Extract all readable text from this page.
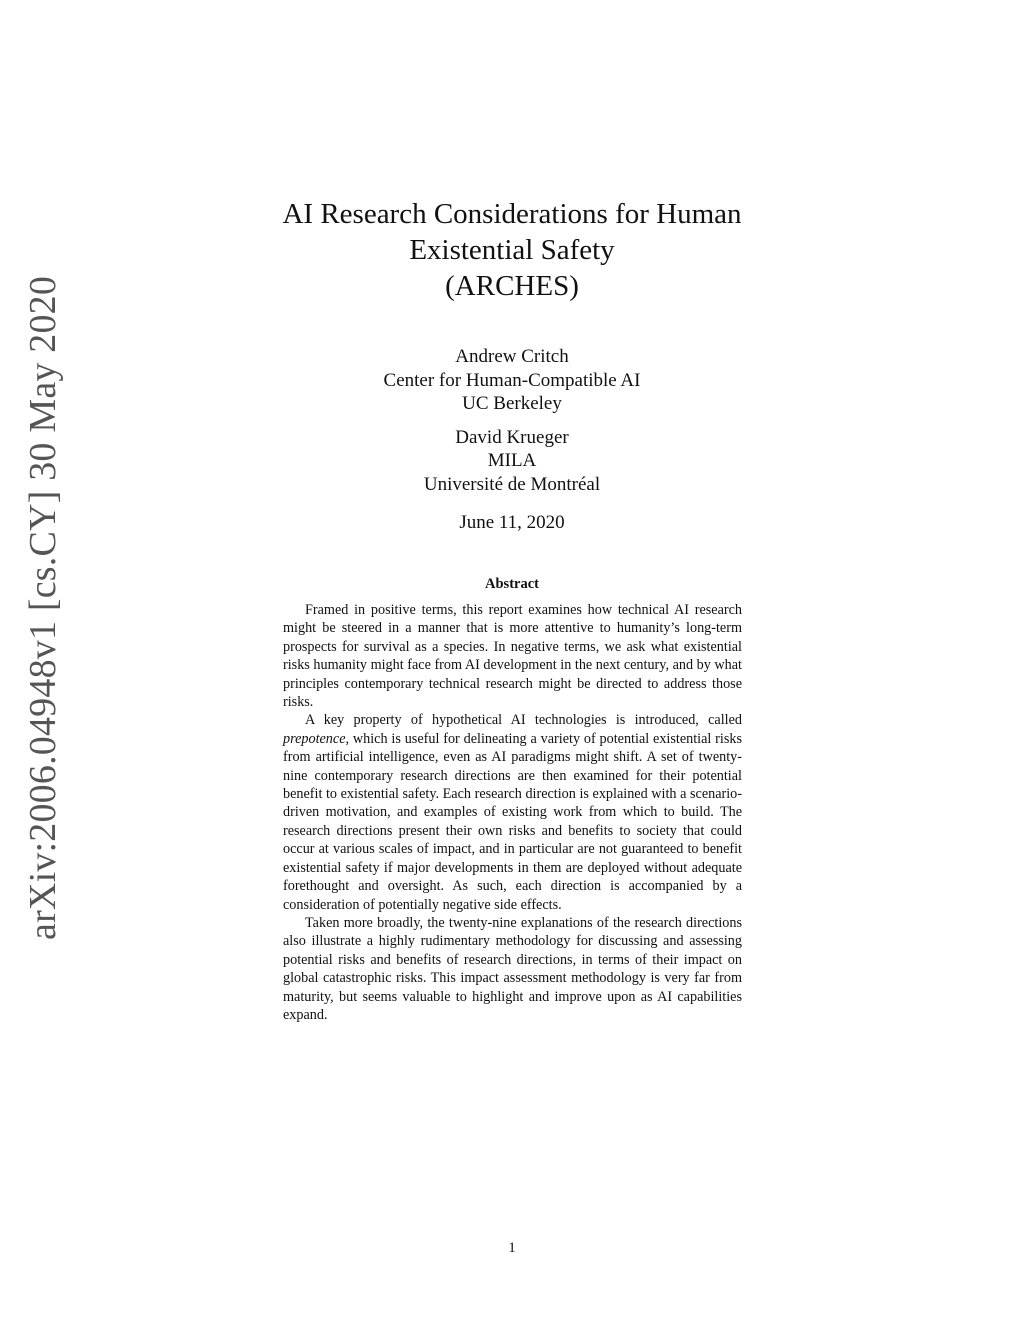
arXiv:2006.04948v1 [cs.CY] 30 May 2020
AI Research Considerations for Human
Existential Safety
(ARCHES)
Andrew Critch
Center for Human-Compatible AI
UC Berkeley
David Krueger
MILA
Université de Montréal
June 11, 2020
Abstract

Framed in positive terms, this report examines how technical AI research might be steered in a manner that is more attentive to humanity’s long-term prospects for survival as a species. In negative terms, we ask what existential risks humanity might face from AI development in the next century, and by what principles contemporary technical research might be directed to address those risks.

A key property of hypothetical AI technologies is introduced, called prepotence, which is useful for delineating a variety of potential existential risks from artificial intelligence, even as AI paradigms might shift. A set of twenty-nine contemporary research directions are then examined for their potential benefit to existential safety. Each research direction is explained with a scenario-driven motivation, and examples of existing work from which to build. The research directions present their own risks and benefits to society that could occur at various scales of impact, and in particular are not guaranteed to benefit existential safety if major developments in them are deployed without adequate forethought and oversight. As such, each direction is accompanied by a consideration of potentially negative side effects.

Taken more broadly, the twenty-nine explanations of the research directions also illustrate a highly rudimentary methodology for discussing and assessing potential risks and benefits of research directions, in terms of their impact on global catastrophic risks. This impact assessment methodology is very far from maturity, but seems valuable to highlight and improve upon as AI capabilities expand.

1
